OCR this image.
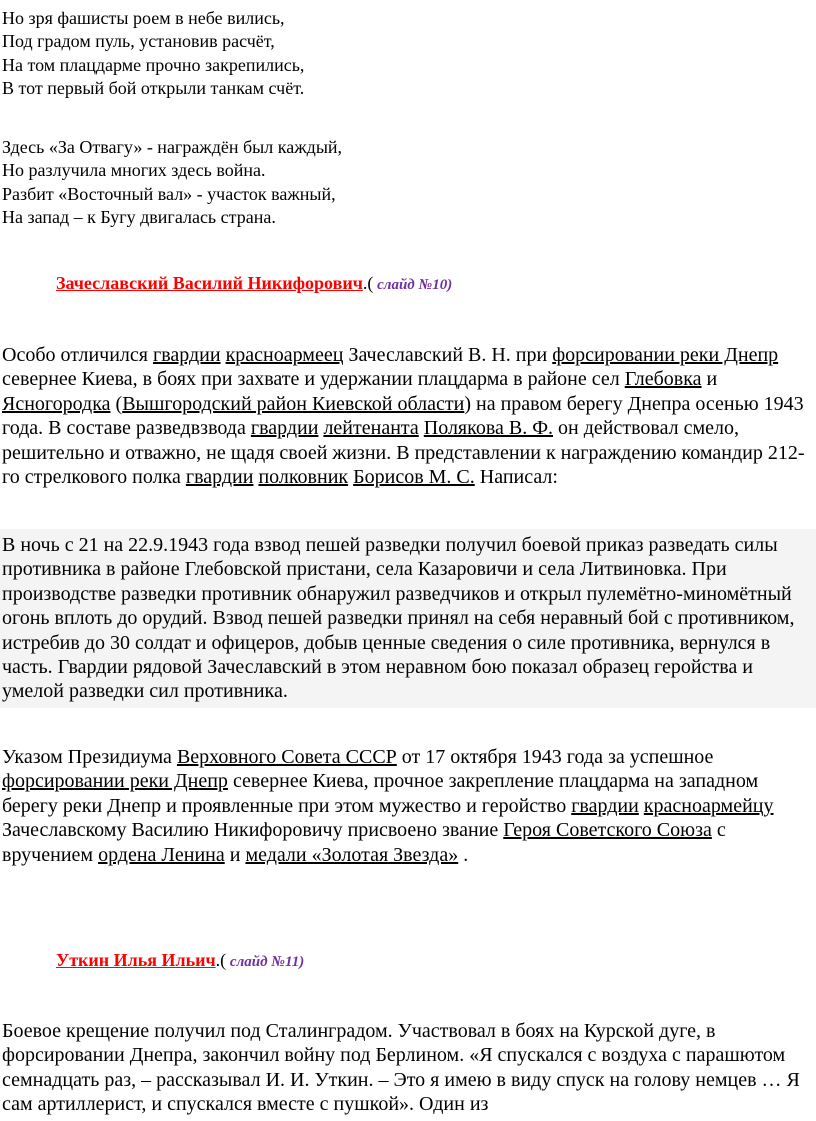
Но зря фашисты роем в небе вились,
Под градом пуль, установив расчёт,
На том плацдарме прочно закрепились,
В тот первый бой открыли танкам счёт.
Здесь «За Отвагу» - награждён был каждый,
Но разлучила многих здесь война.
Разбит «Восточный вал» - участок важный,
На запад – к Бугу двигалась страна.
Зачеславский Василий Никифорович.( слайд №10)
Особо отличился гвардии красноармеец Зачеславский В. Н. при форсировании реки Днепр севернее Киева, в боях при захвате и удержании плацдарма в районе сел Глебовка и Ясногородка (Вышгородский район Киевской области) на правом берегу Днепра осенью 1943 года. В составе разведвзвода гвардии лейтенанта Полякова В. Ф. он действовал смело, решительно и отважно, не щадя своей жизни. В представлении к награждению командир 212-го стрелкового полка гвардии полковник Борисов М. С. Написал:
В ночь с 21 на 22.9.1943 года взвод пешей разведки получил боевой приказ разведать силы противника в районе Глебовской пристани, села Казаровичи и села Литвиновка. При производстве разведки противник обнаружил разведчиков и открыл пулемётно-миномётный огонь вплоть до орудий. Взвод пешей разведки принял на себя неравный бой с противником, истребив до 30 солдат и офицеров, добыв ценные сведения о силе противника, вернулся в часть. Гвардии рядовой Зачеславский в этом неравном бою показал образец геройства и умелой разведки сил противника.
Указом Президиума Верховного Совета СССР от 17 октября 1943 года за успешное форсировании реки Днепр севернее Киева, прочное закрепление плацдарма на западном берегу реки Днепр и проявленные при этом мужество и геройство гвардии красноармейцу Зачеславскому Василию Никифоровичу присвоено звание Героя Советского Союза с вручением ордена Ленина и медали «Золотая Звезда» .
Уткин Илья Ильич.( слайд №11)
Боевое крещение получил под Сталинградом. Участвовал в боях на Курской дуге, в форсировании Днепра, закончил войну под Берлином. «Я спускался с воздуха с парашютом семнадцать раз, – рассказывал И. И. Уткин. – Это я имею в виду спуск на голову немцев … Я сам артиллерист, и спускался вместе с пушкой». Один из
